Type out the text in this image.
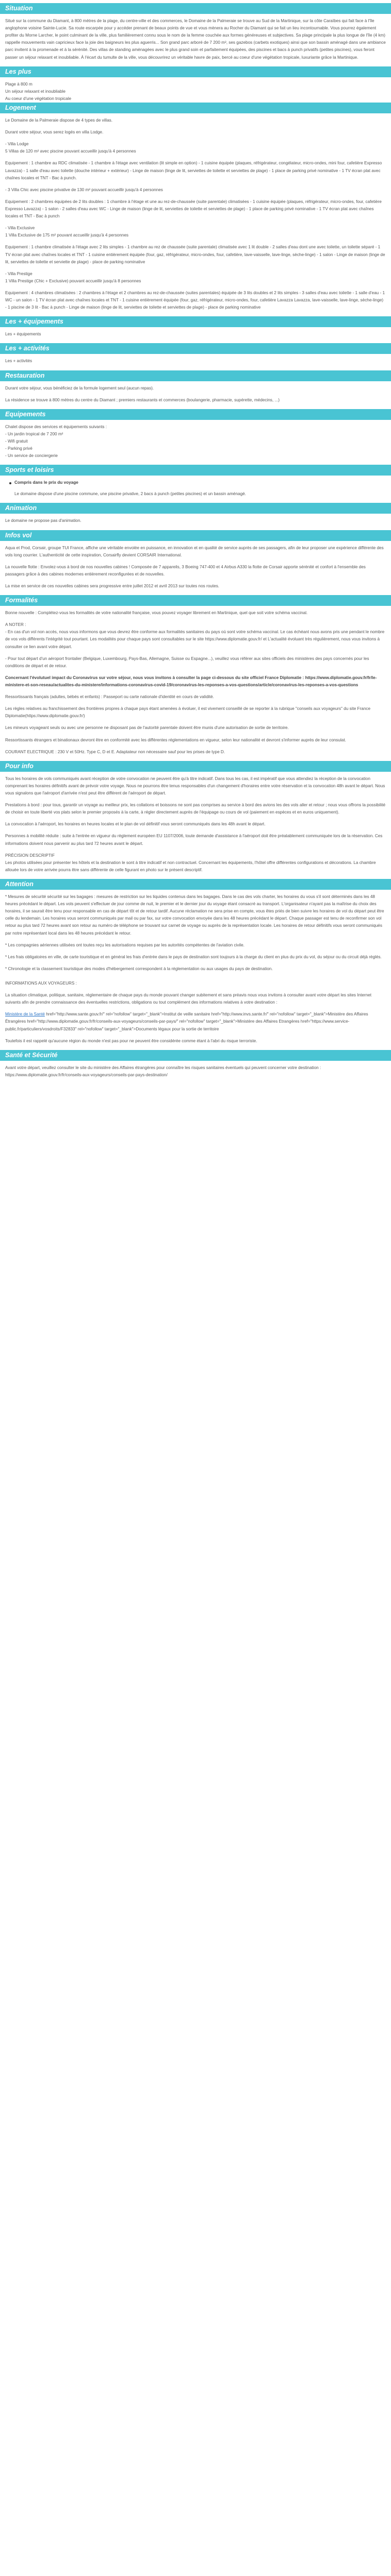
Situation

Situé sur la commune du Diamant, à 800 mètres de la plage, du centre-ville et des commerces, le Domaine de la Palmeraie se trouve au Sud de la Martinique, sur la côte Caraïbes qui fait face à l'île anglophone voisine Sainte-Lucie. Sa route escarpée pour y accéder prenant de beaux points de vue et vous mènera au Rocher du Diamant qui se fait un lieu incontournable. Vous pourrez également profiter du Morne Larcher, le point culminant de la ville, plus familièrement connu sous le nom de la femme couchée aux formes généreuses et subjectives. Sa plage principale la plus longue de l'île (4 km) rappelle mouvements vain capricieux face la joie des baigneurs les plus aguerris... Son grand parc arboré de 7 200 m², ses gazebos (carbets exotiques) ainsi que son bassin aménagé dans une ambiance parc invitent à la promenade et à la sérénité. Des villas de standing aménagées avec le plus grand soin et parfaitement équipées, des piscines et bacs à punch privatifs (petites piscines), vous feront passer un séjour relaxant et inoubliable. À l'écart du tumulte de la ville, vous découvrirez un véritable havre de paix, bercé au coeur d'une végétation tropicale, luxuriante grâce la Martinique.

Les plus
Plage à 800 m
Un séjour relaxant et inoubliable
Au coeur d'une végétation tropicale
Logement

Le Domaine de la Palmeraie dispose de 4 types de villas.

Durant votre séjour, vous serez logés en villa Lodge.

- Villa Lodge

5 Villas de 120 m² avec piscine pouvant accueillir jusqu'à 4 personnes

Equipement : 1 chambre au RDC climatisée - 1 chambre à l'étage avec ventilation (lit simple en option) - 1 cuisine équipée (plaques, réfrigérateur, congélateur, micro-ondes, mini four, cafetière Expresso Lavazza) - 1 salle d'eau avec toilette (douche intérieur + extérieur) - Linge de maison (linge de lit, serviettes de toilette et serviettes de plage) - 1 place de parking privé nominative - 1 TV écran plat avec chaînes locales et TNT - Bac à punch.

- 3 Villa Chic avec piscine privative de 130 m² pouvant accueillir jusqu'à 4 personnes

Equipement : 2 chambres équipées de 2 lits doubles : 1 chambre à l'étage et une au rez-de-chaussée (suite parentale) climatisées - 1 cuisine équipée (plaques, réfrigérateur, micro-ondes, four, cafetière Expresso Lavazza) - 1 salon - 2 salles d'eau avec WC - Linge de maison (linge de lit, serviettes de toilette et serviettes de plage) - 1 place de parking privé nominative - 1 TV écran plat avec chaînes locales et TNT - Bac à punch

- Villa Exclusive

1 Villa Exclusive de 175 m² pouvant accueillir jusqu'à 4 personnes

Equipement : 1 chambre climatisée à l'étage avec 2 lits simples - 1 chambre au rez de chaussée (suite parentale) climatisée avec 1 lit double - 2 salles d'eau dont une avec toilette, un toilette séparé - 1 TV écran plat avec chaînes locales et TNT - 1 cuisine entièrement équipée (four, gaz, réfrigérateur, micro-ondes, four, cafetière, lave-vaisselle, lave-linge, sèche-linge) - 1 salon - Linge de maison (linge de lit, serviettes de toilette et serviette de plage) - place de parking nominative

- Villa Prestige

1 Villa Prestige (Chic + Exclusive) pouvant accueillir jusqu'à 8 personnes

Equipement : 4 chambres climatisées : 2 chambres à l'étage et 2 chambres au rez-de-chaussée (suites parentales) équipée de 3 lits doubles et 2 lits simples - 3 salles d'eau avec toilette - 1 salle d'eau - 1 WC - un salon - 1 TV écran plat avec chaînes locales et TNT - 1 cuisine entièrement équipée (four, gaz, réfrigérateur, micro-ondes, four, cafetière Lavazza Lavazza, lave-vaisselle, lave-linge, sèche-linge) - 1 piscine de 3 lit - Bac à punch - Linge de maison (linge de lit, serviettes de toilette et serviettes de plage) - place de parking nominative

Les + équipements

Les + équipements

Les + activités

Les + activités

Restauration

Durant votre séjour, vous bénéficiez de la formule logement seul (aucun repas).

La résidence se trouve à 800 mètres du centre du Diamant ; premiers restaurants et commerces (boulangerie, pharmacie, supérette, médecins, ...)

Equipements

Chalet dispose des services et équipements suivants :

- Un jardin tropical de 7 200 m²
- Wifi gratuit
- Parking privé
- Un service de conciergerie
Sports et loisirs
Compris dans le prix du voyage

Le domaine dispose d'une piscine commune, une piscine privative, 2 bacs à punch (petites piscines) et un bassin aménagé.

Animation

Le domaine ne propose pas d'animation.

Infos vol

Aqua et Prod, Corsair, groupe TUI France, affiche une véritable envolée en puissance, en innovation et en qualité de service auprès de ses passagers, afin de leur proposer une expérience différente des vols long courrier. L'authenticité de cette inspiration, Corsairfly devient CORSAIR International.

La nouvelle flotte : Envolez-vous à bord de nos nouvelles cabines ! Composée de 7 appareils, 3 Boeing 747-400 et 4 Airbus A330 la flotte de Corsair apporte sérénité et confort à l'ensemble des passagers grâce à des cabines modernes entièrement reconfigurées et de nouvelles.

La mise en service de ces nouvelles cabines sera progressive entre juillet 2012 et avril 2013 sur toutes nos routes.

Formalités

Bonne nouvelle : Complétez-vous les formalités de votre nationalité française, vous pouvez voyager librement en Martinique, quel que soit votre schéma vaccinal.

A NOTER :

- En cas d'un vol non accès, nous vous informons que vous devrez être conforme aux formalités sanitaires du pays où sont votre schéma vaccinal. Le cas échéant nous avons pris une pendant le nombre de vos vols différents l'intégrité tout pourtant. Les modalités pour chaque pays sont consultables sur le site https://www.diplomatie.gouv.fr/ et L'actualité évoluant très régulièrement, nous vous invitons à consulter ce lien avant votre départ.

- Pour tout départ d'un aéroport frontalier (Belgique, Luxembourg, Pays-Bas, Allemagne, Suisse ou Espagne...), veuillez vous référer aux sites officiels des ministères des pays concernés pour les conditions de départ et de retour.

Concernant l'évolutuel impact du Coronavirus sur votre séjour, nous vous invitons à consulter la page ci-dessous du site officiel France Diplomatie : https://www.diplomatie.gouv.fr/fr/le-ministere-et-son-reseau/actualites-du-ministere/informations-coronavirus-covid-19/coronavirus-les-reponses-a-vos-questions/article/coronavirus-les-reponses-a-vos-questions

Ressortissants français (adultes, bébés et enfants) : Passeport ou carte nationale d'identité en cours de validité.

Les règles relatives au franchissement des frontières propres à chaque pays étant amenées à évoluer, il est vivement conseillé de se reporter à la rubrique "conseils aux voyageurs" du site France Diplomatie(https://www.diplomatie.gouv.fr/)

Les mineurs voyageant seuls ou avec une personne ne disposant pas de l'autorité parentale doivent être munis d'une autorisation de sortie de territoire.

Ressortissants étrangers et binationaux devront être en conformité avec les différentes réglementations en vigueur, selon leur nationalité et devront s'informer auprès de leur consulat.

COURANT ELECTRIQUE : 230 V et 50Hz. Type C, D et E. Adaptateur non nécessaire sauf pour les prises de type D.

Pour info

Tous les horaires de vols communiqués avant réception de votre convocation ne peuvent être qu'à titre indicatif. Dans tous les cas, il est impératif que vous attendiez la réception de la convocation comprenant les horaires définitifs avant de prévoir votre voyage. Nous ne pourrons être tenus responsables d'un changement d'horaires entre votre réservation et la convocation 48h avant le départ. Nous vous signalons que l'aéroport d'arrivée n'est peut être différent de l'aéroport de départ.

Prestations à bord : pour tous, garantir un voyage au meilleur prix, les collations et boissons ne sont pas comprises au service à bord des avions les des vols aller et retour ; nous vous offrons la possibilité de choisir en toute liberté vos plats selon le premier proposés à la carte, à régler directement auprès de l'équipage ou cours de vol (paiement en espèces et en euros uniquement).

La convocation à l'aéroport, les horaires en heures locales et le plan de vol définitif vous seront communiqués dans les 48h avant le départ.

Personnes à mobilité réduite : suite à l'entrée en vigueur du règlement européen EU 1107/2006, toute demande d'assistance à l'aéroport doit être préalablement communiquée lors de la réservation. Ces informations doivent nous parvenir au plus tard 72 heures avant le départ.

PRÉCISION DESCRIPTIF

Les photos utilisées pour présenter les hôtels et la destination le sont à titre indicatif et non contractuel. Concernant les équipements, l'hôtel offre différentes configurations et décorations. La chambre allouée lors de votre arrivée pourra être sans différente de celle figurant en photo sur le présent descriptif.

Attention

* Mesures de sécurité sécurité sur les bagages : mesures de restriction sur les liquides contenus dans les bagages. Dans le cas des vols charter, les horaires du vous s'il sont déterminés dans les 48 heures précédant le départ. Les vols peuvent s'effectuer de jour comme de nuit, le premier et le dernier jour du voyage étant consacré au transport. L'organisateur n'ayant pas la maîtrise du choix des horaires, il se saurait être tenu pour responsable en cas de départ tôt et de retour tardif. Aucune réclamation ne sera prise en compte, vous êtes priés de bien suivre les horaires de vol du départ peut être celle du lendemain. Les horaires vous seront communiqués par mail ou par fax, sur votre convocation envoyée dans les 48 heures précédant le départ. Chaque passager est tenu de reconfirmer son vol retour au plus tard 72 heures avant son retour au numéro de téléphone se trouvant sur carnet de voyage ou auprès de la représentation locale. Les horaires de retour définitifs vous seront communiqués par notre représentant local dans les 48 heures précédant le retour.

* Les compagnies aériennes utilisées ont toutes reçu les autorisations requises par les autorités compétentes de l'aviation civile.

* Les frais obligatoires en ville, de carte touristique et en général les frais d'entrée dans le pays de destination sont toujours à la charge du client en plus du prix du vol, du séjour ou du circuit déjà réglés.

* Chronologie et la classement touristique des modes d'hébergement correspondent à la réglementation ou aux usages du pays de destination.

INFORMATIONS AUX VOYAGEURS :

La situation climatique, politique, sanitaire, réglementaire de chaque pays du monde pouvant changer subitement et sans préavis nous vous invitons à consulter avant votre départ les sites Internet suivants afin de prendre connaissance des éventuelles restrictions, obligations ou tout complément des informations relatives à votre destination :

Ministère de la Santé href="http://www.sante.gouv.fr/" rel="nofollow" target="_blank">Institut de veille sanitaire href="http://www.invs.sante.fr/" rel="nofollow" target="_blank">Ministère des Affaires Étrangères href="http://www.diplomatie.gouv.fr/fr/conseils-aux-voyageurs/conseils-par-pays/" rel="nofollow" target="_blank">Ministère des Affaires Etrangères href="https://www.service-public.fr/particuliers/vosdroits/F32833" rel="nofollow" target="_blank">Documents légaux pour la sortie de territoire

Toutefois il est rappelé qu'aucune région du monde n'est pas pour ne peuvent être considérée comme étant à l'abri du risque terroriste.

Santé et Sécurité

Avant votre départ, veuillez consulter le site du ministère des Affaires étrangères pour connaître les risques sanitaires éventuels qui peuvent concerner votre destination : https://www.diplomatie.gouv.fr/fr/conseils-aux-voyageurs/conseils-par-pays-destination/
